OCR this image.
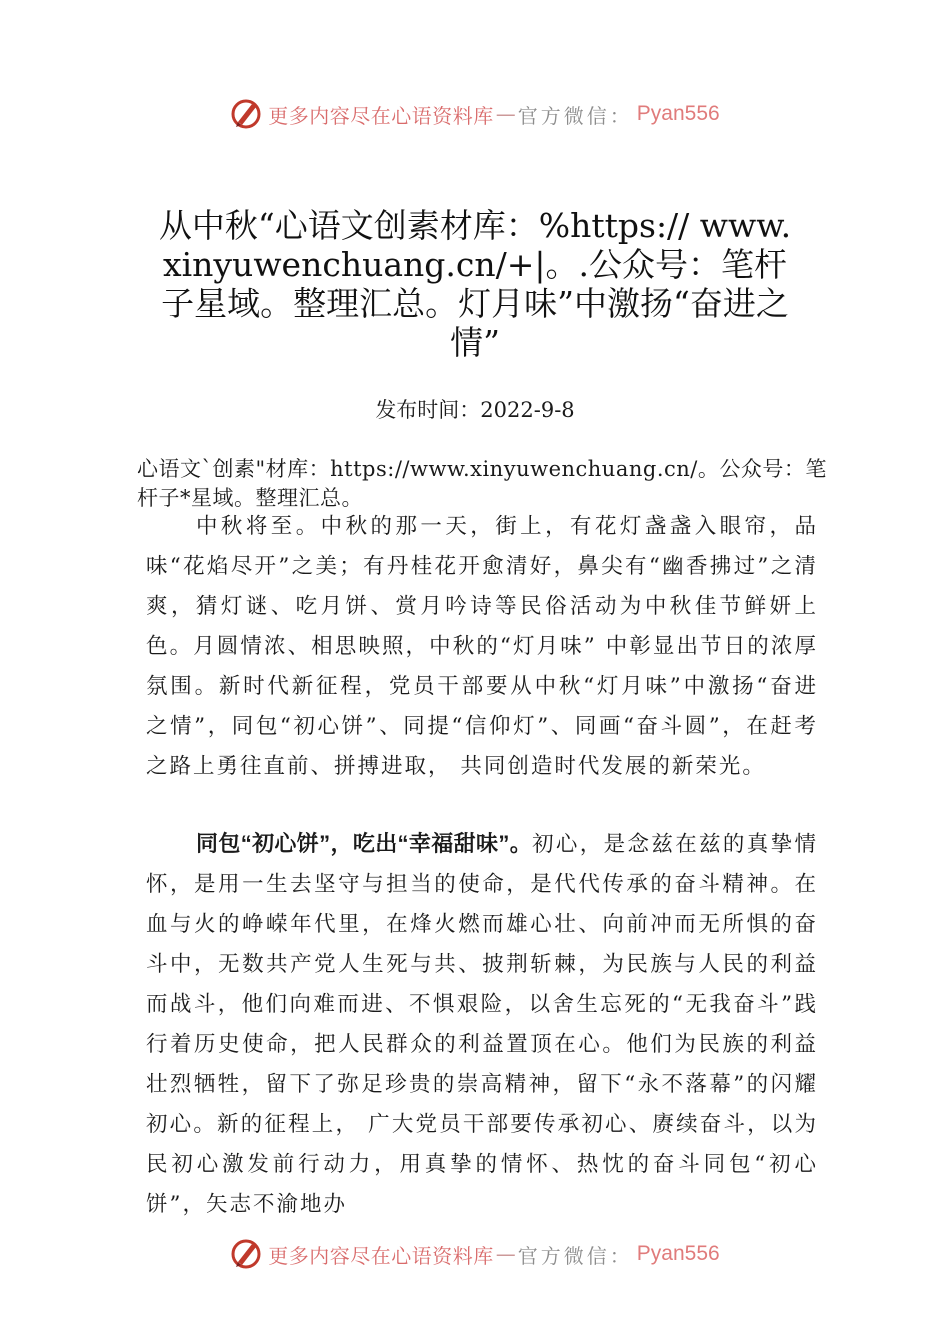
更多内容尽在心语资料库 — 官方微信： Pyan556
从中秋“心语文创素材库：%https:// www.xinyuwenchuang.cn/+|。.公众号：笔杆子星域。整理汇总。灯月味”中激扬“奋进之情”
发布时间：2022-9-8
心语文`创素"材库：https://www.xinyuwenchuang.cn/。公众号：笔杆子*星域。整理汇总。
中秋将至。中秋的那一天，街上，有花灯盏盏入眼帘，品味“花焰尽开”之美；有丹桂花开愈清好，鼻尖有“幽香拂过”之清爽，猜灯谜、吃月饼、赏月吟诗等民俗活动为中秋佳节鲜妍上色。月圆情浓、相思映照，中秋的“灯月味” 中彰显出节日的浓厚氛围。新时代新征程，党员干部要从中秋“灯月味”中激扬“奋进之情”，同包“初心饼”、同提“信仰灯”、同画“奋斗圆”，在赶考之路上勇往直前、拼搏进取， 共同创造时代发展的新荣光。
同包“初心饼”，吃出“幸福甜味”。初心，是念兹在兹的真挚情怀，是用一生去坚守与担当的使命，是代代传承的奋斗精神。在血与火的峥嵘年代里，在烽火燃而雄心壮、向前冲而无所惧的奋斗中，无数共产党人生死与共、披荆斩棘，为民族与人民的利益而战斗，他们向难而进、不惧艰险，以舍生忘死的“无我奋斗”践行着历史使命，把人民群众的利益置顶在心。他们为民族的利益壮烈牺牲，留下了弥足珍贵的崇高精神，留下“永不落幕”的闪耀初心。新的征程上， 广大党员干部要传承初心、赓续奋斗，以为民初心激发前行动力，用真挚的情怀、热忱的奋斗同包“初心饼”，矢志不渝地办
更多内容尽在心语资料库 — 官方微信： Pyan556
